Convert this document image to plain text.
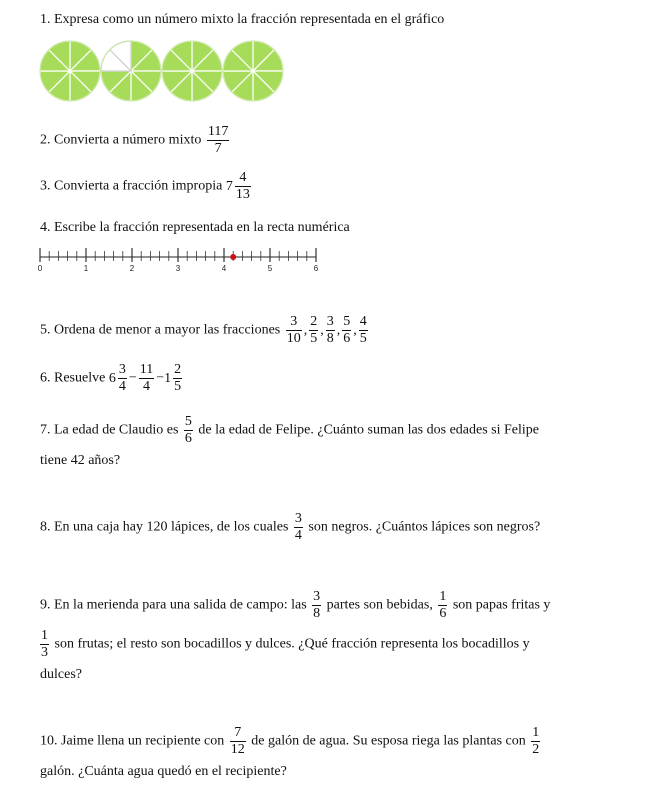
1. Expresa como un número mixto la fracción representada en el gráfico
2. Convierta a número mixto $\frac{117}{7}$
3. Convierta a fracción impropia $7 \frac{4}{13}$
4. Escribe la fracción representada en la recta numérica
0	1	2	3	4	5	6
5. Ordena de menor a mayor las fracciones $\frac{3}{10}$ , $\frac{2}{5}$ , $\frac{3}{8}$ , $\frac{5}{6}$ , $\frac{4}{5}$
6. Resuelve $6 \frac{3}{4} - \frac{11}{4} -1 \frac{2}{5}$
7. La edad de Claudio es $\frac{5}{6}$ de la edad de Felipe. ¿Cuánto suman las dos edades si Felipe
tiene 42 años?
8. En una caja hay 120 lápices, de los cuales $\frac{3}{4}$ son negros. ¿Cuántos lápices son negros?
9. En la merienda para una salida de campo: las $\frac{3}{8}$ partes son bebidas, $\frac{1}{6}$ son papas fritas y
$\frac{1}{3}$ son frutas; el resto son bocadillos y dulces. ¿Qué fracción representa los bocadillos y
dulces?
10. Jaime llena un recipiente con $\frac{7}{12}$ de galón de agua. Su esposa riega las plantas con $\frac{1}{2}$
galón. ¿Cuánta agua quedó en el recipiente?
